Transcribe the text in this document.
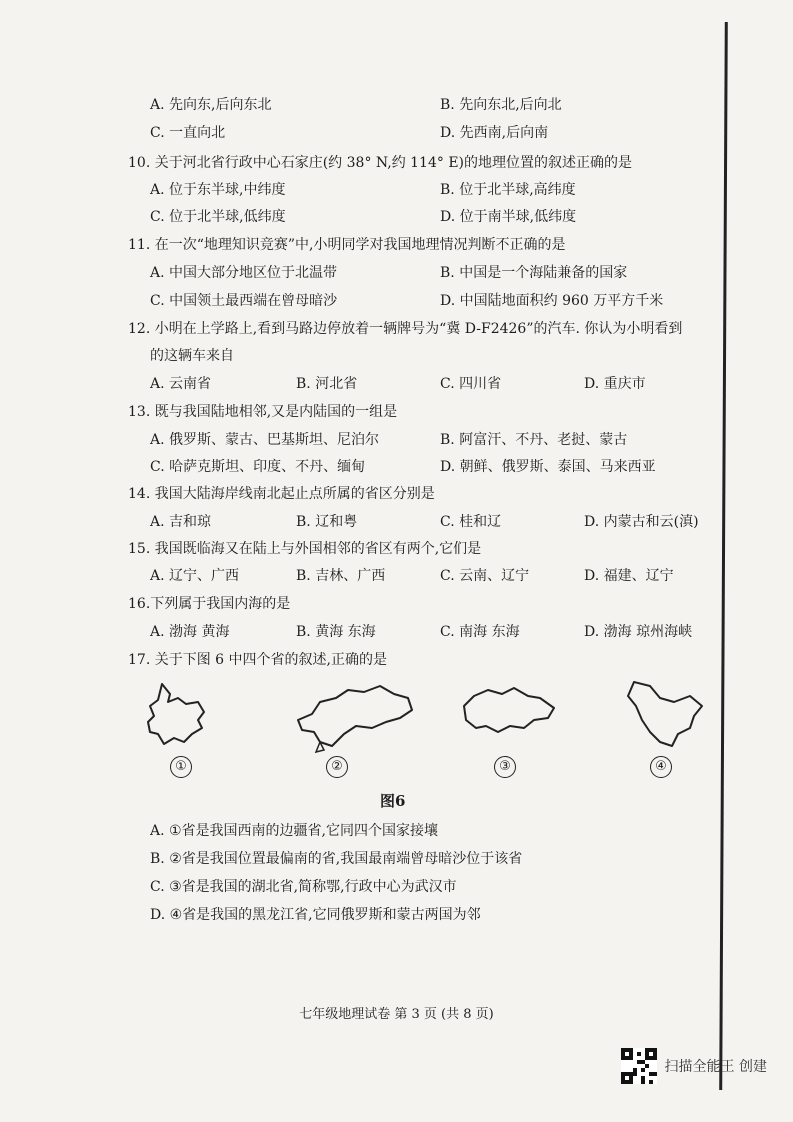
A. 先向东,后向东北	B. 先向东北,后向北
C. 一直向北	D. 先西南,后向南
10. 关于河北省行政中心石家庄(约 38° N,约 114° E)的地理位置的叙述正确的是
A. 位于东半球,中纬度	B. 位于北半球,高纬度
C. 位于北半球,低纬度	D. 位于南半球,低纬度
11. 在一次“地理知识竞赛”中,小明同学对我国地理情况判断不正确的是
A. 中国大部分地区位于北温带	B. 中国是一个海陆兼备的国家
C. 中国领土最西端在曾母暗沙	D. 中国陆地面积约 960 万平方千米
12. 小明在上学路上,看到马路边停放着一辆牌号为“冀 D-F2426”的汽车. 你认为小明看到
的这辆车来自
A. 云南省	B. 河北省	C. 四川省	D. 重庆市
13. 既与我国陆地相邻,又是内陆国的一组是
A. 俄罗斯、蒙古、巴基斯坦、尼泊尔	B. 阿富汗、不丹、老挝、蒙古
C. 哈萨克斯坦、印度、不丹、缅甸	D. 朝鲜、俄罗斯、泰国、马来西亚
14. 我国大陆海岸线南北起止点所属的省区分别是
A. 吉和琼	B. 辽和粤	C. 桂和辽	D. 内蒙古和云(滇)
15. 我国既临海又在陆上与外国相邻的省区有两个,它们是
A. 辽宁、广西	B. 吉林、广西	C. 云南、辽宁	D. 福建、辽宁
16.下列属于我国内海的是
A. 渤海 黄海	B. 黄海 东海	C. 南海 东海	D. 渤海 琼州海峡
17. 关于下图 6 中四个省的叙述,正确的是
①	②	③	④
图6
A. ①省是我国西南的边疆省,它同四个国家接壤
B. ②省是我国位置最偏南的省,我国最南端曾母暗沙位于该省
C. ③省是我国的湖北省,简称鄂,行政中心为武汉市
D. ④省是我国的黑龙江省,它同俄罗斯和蒙古两国为邻
七年级地理试卷 第 3 页 (共 8 页)
扫描全能王 创建
